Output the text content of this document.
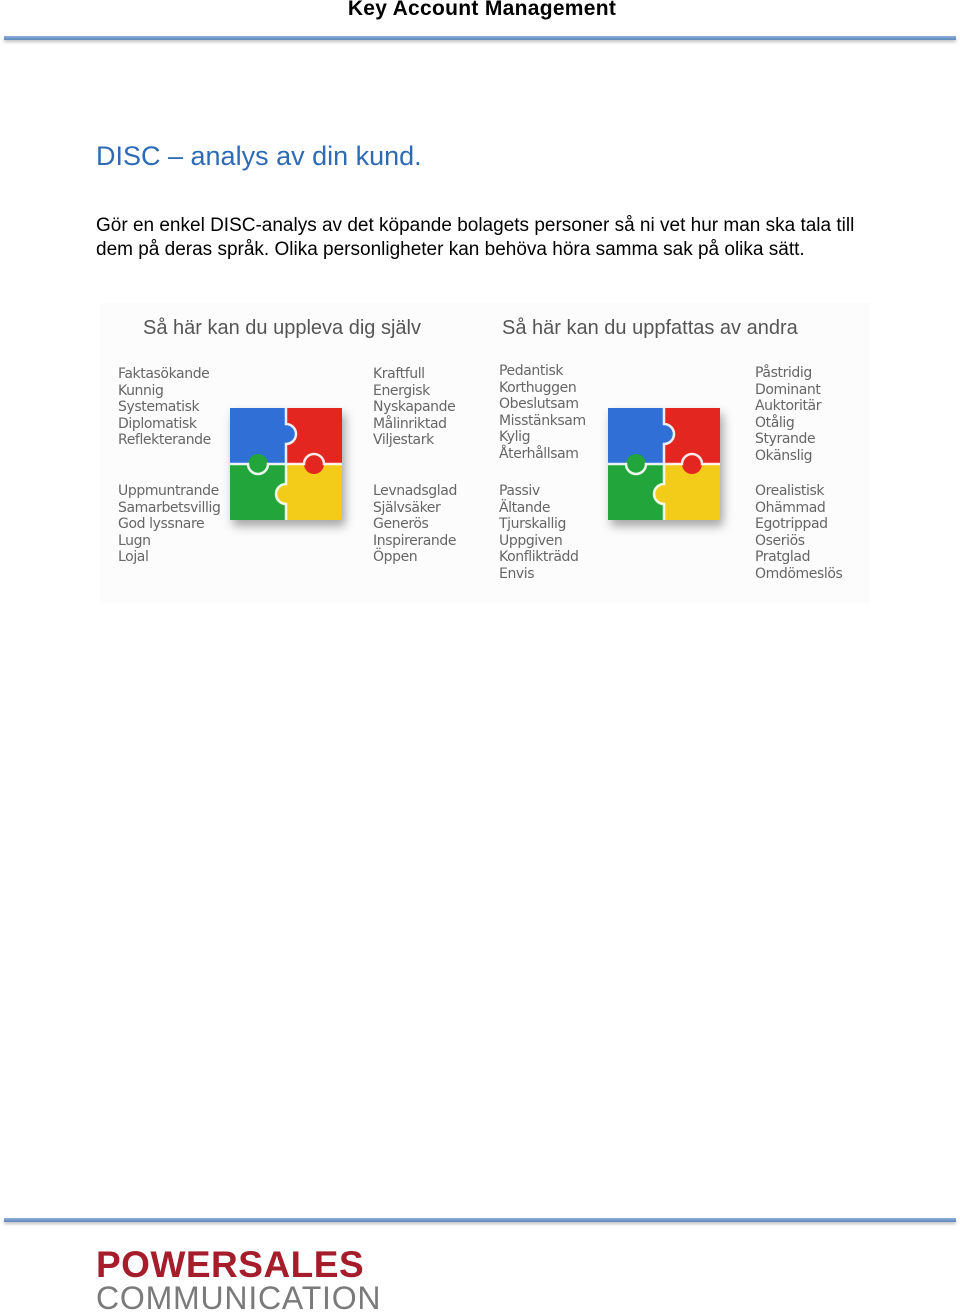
Key Account Management
DISC – analys av din kund.

Gör en enkel DISC-analys av det köpande bolagets personer så ni vet hur man ska tala till dem på deras språk. Olika personligheter kan behöva höra samma sak på olika sätt.

Så här kan du uppleva dig själv	Så här kan du uppfattas av andra
Faktasökande
Kunnig
Systematisk
Diplomatisk
Reflekterande
Kraftfull
Energisk
Nyskapande
Målinriktad
Viljestark
Uppmuntrande
Samarbetsvillig
God lyssnare
Lugn
Lojal
Levnadsglad
Självsäker
Generös
Inspirerande
Öppen
Pedantisk
Korthuggen
Obeslutsam
Misstänksam
Kylig
Återhållsam
Påstridig
Dominant
Auktoritär
Otålig
Styrande
Okänslig
Passiv
Ältande
Tjurskallig
Uppgiven
Konflikträdd
Envis
Orealistisk
Ohämmad
Egotrippad
Oseriös
Pratglad
Omdömeslös
POWERSALES
COMMUNICATION
